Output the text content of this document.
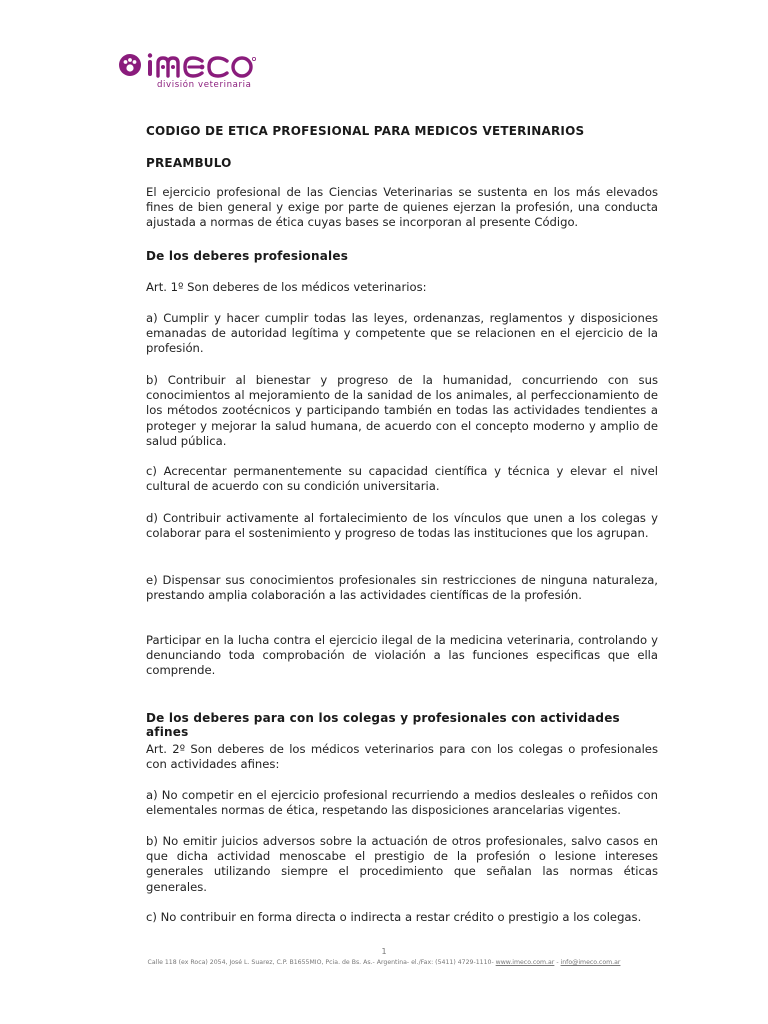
división veterinaria
CODIGO DE ETICA PROFESIONAL PARA MEDICOS VETERINARIOS
PREAMBULO

El ejercicio profesional de las Ciencias Veterinarias se sustenta en los más elevados fines de bien general y exige por parte de quienes ejerzan la profesión, una conducta ajustada a normas de ética cuyas bases se incorporan al presente Código.

De los deberes profesionales

Art. 1º Son deberes de los médicos veterinarios:

a) Cumplir y hacer cumplir todas las leyes, ordenanzas, reglamentos y disposiciones emanadas de autoridad legítima y competente que se relacionen en el ejercicio de la profesión.

b) Contribuir al bienestar y progreso de la humanidad, concurriendo con sus conocimientos al mejoramiento de la sanidad de los animales, al perfeccionamiento de los métodos zootécnicos y participando también en todas las actividades tendientes a proteger y mejorar la salud humana, de acuerdo con el concepto moderno y amplio de salud pública.

c) Acrecentar permanentemente su capacidad científica y técnica y elevar el nivel cultural de acuerdo con su condición universitaria.

d) Contribuir activamente al fortalecimiento de los vínculos que unen a los colegas y colaborar para el sostenimiento y progreso de todas las instituciones que los agrupan.

e) Dispensar sus conocimientos profesionales sin restricciones de ninguna naturaleza, prestando amplia colaboración a las actividades científicas de la profesión.

Participar en la lucha contra el ejercicio ilegal de la medicina veterinaria, controlando y denunciando toda comprobación de violación a las funciones especificas que ella comprende.

De los deberes para con los colegas y profesionales con actividades afines

Art. 2º Son deberes de los médicos veterinarios para con los colegas o profesionales con actividades afines:

a) No competir en el ejercicio profesional recurriendo a medios desleales o reñidos con elementales normas de ética, respetando las disposiciones arancelarias vigentes.

b) No emitir juicios adversos sobre la actuación de otros profesionales, salvo casos en que dicha actividad menoscabe el prestigio de la profesión o lesione intereses generales utilizando siempre el procedimiento que señalan las normas éticas generales.

c) No contribuir en forma directa o indirecta a restar crédito o prestigio a los colegas.

1
Calle 118 (ex Roca) 2054, José L. Suarez, C.P. B1655MIO, Pcia. de Bs. As.- Argentina- el./Fax: (5411) 4729-1110- www.imeco.com.ar - info@imeco.com.ar
